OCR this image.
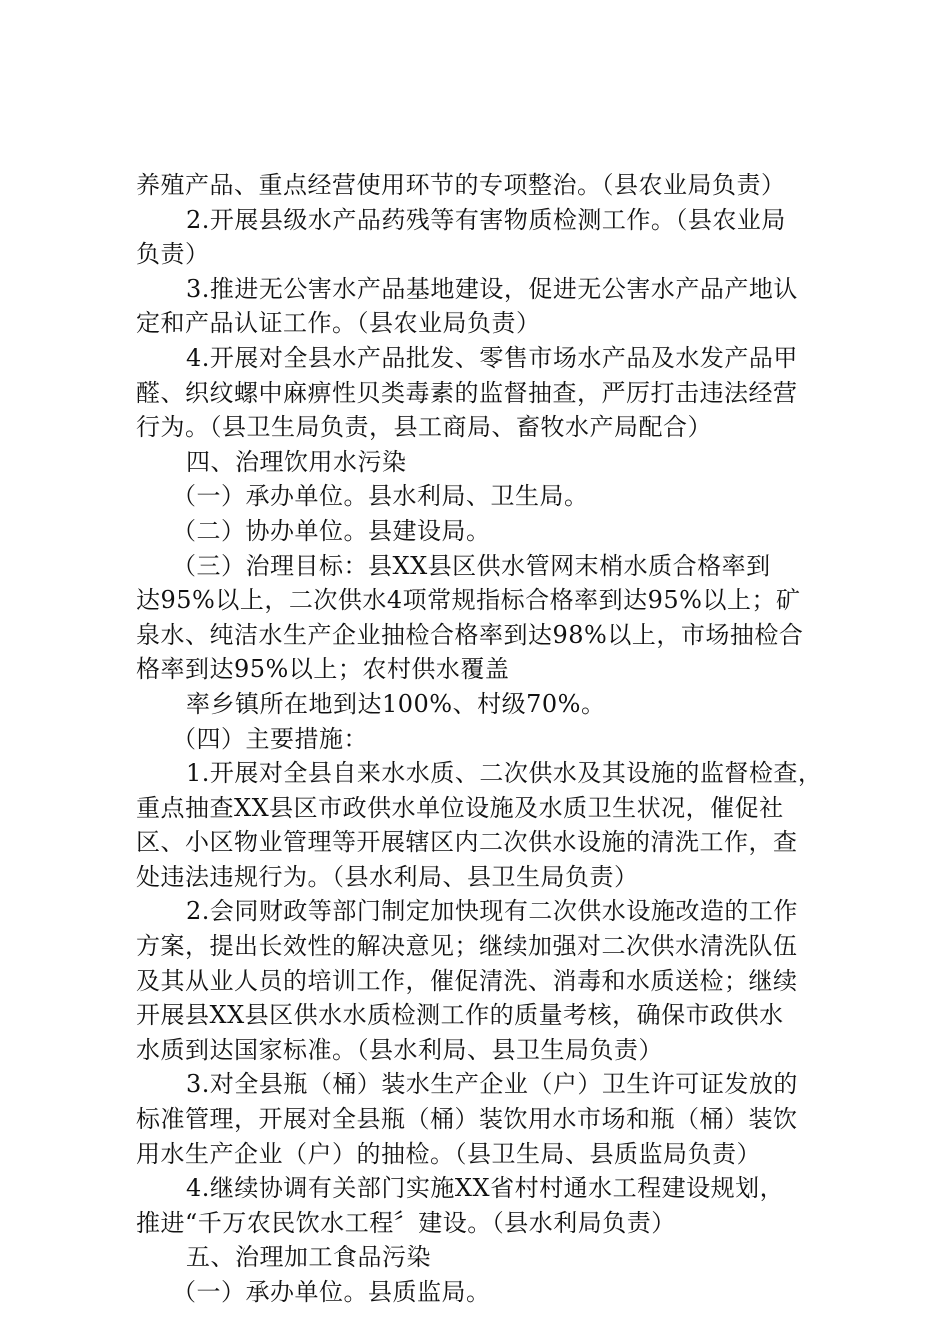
养殖产品、重点经营使用环节的专项整治。（县农业局负责）
2.开展县级水产品药残等有害物质检测工作。（县农业局
负责）
3.推进无公害水产品基地建设，促进无公害水产品产地认
定和产品认证工作。（县农业局负责）
4.开展对全县水产品批发、零售市场水产品及水发产品甲
醛、织纹螺中麻痹性贝类毒素的监督抽查，严厉打击违法经营
行为。（县卫生局负责，县工商局、畜牧水产局配合）
四、治理饮用水污染
（一）承办单位。县水利局、卫生局。
（二）协办单位。县建设局。
（三）治理目标：县XX县区供水管网末梢水质合格率到
达95%以上，二次供水4项常规指标合格率到达95%以上；矿
泉水、纯洁水生产企业抽检合格率到达98%以上，市场抽检合
格率到达95%以上；农村供水覆盖
率乡镇所在地到达100%、村级70%。
（四）主要措施：
1.开展对全县自来水水质、二次供水及其设施的监督检查，
重点抽查XX县区市政供水单位设施及水质卫生状况，催促社
区、小区物业管理等开展辖区内二次供水设施的清洗工作，查
处违法违规行为。（县水利局、县卫生局负责）
2.会同财政等部门制定加快现有二次供水设施改造的工作
方案，提出长效性的解决意见；继续加强对二次供水清洗队伍
及其从业人员的培训工作，催促清洗、消毒和水质送检；继续
开展县XX县区供水水质检测工作的质量考核，确保市政供水
水质到达国家标准。（县水利局、县卫生局负责）
3.对全县瓶（桶）装水生产企业（户）卫生许可证发放的
标准管理，开展对全县瓶（桶）装饮用水市场和瓶（桶）装饮
用水生产企业（户）的抽检。（县卫生局、县质监局负责）
4.继续协调有关部门实施XX省村村通水工程建设规划，
推进“千万农民饮水工程〞建设。（县水利局负责）
五、治理加工食品污染
（一）承办单位。县质监局。
